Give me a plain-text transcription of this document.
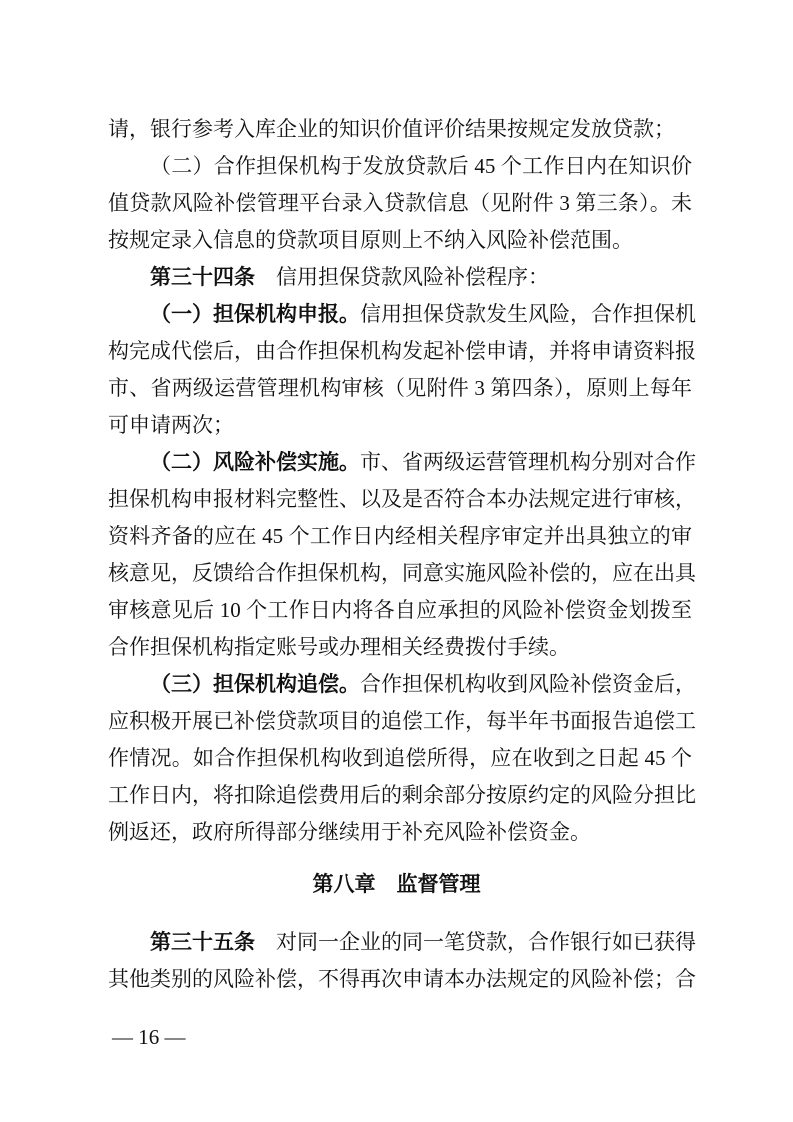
请，银行参考入库企业的知识价值评价结果按规定发放贷款；
（二）合作担保机构于发放贷款后 45 个工作日内在知识价
值贷款风险补偿管理平台录入贷款信息（见附件 3 第三条）。未
按规定录入信息的贷款项目原则上不纳入风险补偿范围。
第三十四条　信用担保贷款风险补偿程序：
（一）担保机构申报。信用担保贷款发生风险，合作担保机
构完成代偿后，由合作担保机构发起补偿申请，并将申请资料报
市、省两级运营管理机构审核（见附件 3 第四条），原则上每年
可申请两次；
（二）风险补偿实施。市、省两级运营管理机构分别对合作
担保机构申报材料完整性、以及是否符合本办法规定进行审核，
资料齐备的应在 45 个工作日内经相关程序审定并出具独立的审
核意见，反馈给合作担保机构，同意实施风险补偿的，应在出具
审核意见后 10 个工作日内将各自应承担的风险补偿资金划拨至
合作担保机构指定账号或办理相关经费拨付手续。
（三）担保机构追偿。合作担保机构收到风险补偿资金后，
应积极开展已补偿贷款项目的追偿工作，每半年书面报告追偿工
作情况。如合作担保机构收到追偿所得，应在收到之日起 45 个
工作日内，将扣除追偿费用后的剩余部分按原约定的风险分担比
例返还，政府所得部分继续用于补充风险补偿资金。
第八章　监督管理
第三十五条　对同一企业的同一笔贷款，合作银行如已获得
其他类别的风险补偿，不得再次申请本办法规定的风险补偿；合
— 16 —
